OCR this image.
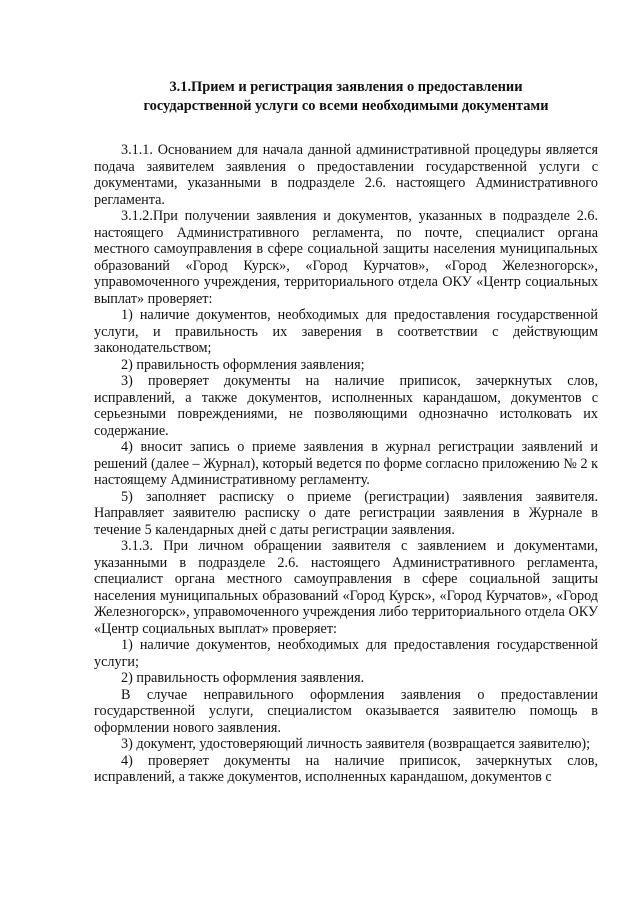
3.1.Прием и регистрация заявления о предоставлении
государственной услуги со всеми необходимыми документами

3.1.1. Основанием для начала данной административной процедуры является подача заявителем заявления о предоставлении государственной услуги с документами, указанными в подразделе 2.6. настоящего Административного регламента.

3.1.2.При получении заявления и документов, указанных в подразделе 2.6. настоящего Административного регламента, по почте, специалист органа местного самоуправления в сфере социальной защиты населения муниципальных образований «Город Курск», «Город Курчатов», «Город Железногорск», управомоченного учреждения, территориального отдела ОКУ «Центр социальных выплат» проверяет:

1) наличие документов, необходимых для предоставления государственной услуги, и правильность их заверения в соответствии с действующим законодательством;

2) правильность оформления заявления;

3) проверяет документы на наличие приписок, зачеркнутых слов, исправлений, а также документов, исполненных карандашом, документов с серьезными повреждениями, не позволяющими однозначно истолковать их содержание.

4) вносит запись о приеме заявления в журнал регистрации заявлений и решений (далее – Журнал), который ведется по форме согласно приложению № 2 к настоящему Административному регламенту.

5) заполняет расписку о приеме (регистрации) заявления заявителя. Направляет заявителю расписку о дате регистрации заявления в Журнале в течение 5 календарных дней с даты регистрации заявления.

3.1.3. При личном обращении заявителя с заявлением и документами, указанными в подразделе 2.6. настоящего Административного регламента, специалист органа местного самоуправления в сфере социальной защиты населения муниципальных образований «Город Курск», «Город Курчатов», «Город Железногорск», управомоченного учреждения либо территориального отдела ОКУ «Центр социальных выплат» проверяет:

1) наличие документов, необходимых для предоставления государственной услуги;

2) правильность оформления заявления.

В случае неправильного оформления заявления о предоставлении государственной услуги, специалистом оказывается заявителю помощь в оформлении нового заявления.

3) документ, удостоверяющий личность заявителя (возвращается заявителю);

4) проверяет документы на наличие приписок, зачеркнутых слов, исправлений, а также документов, исполненных карандашом, документов с
